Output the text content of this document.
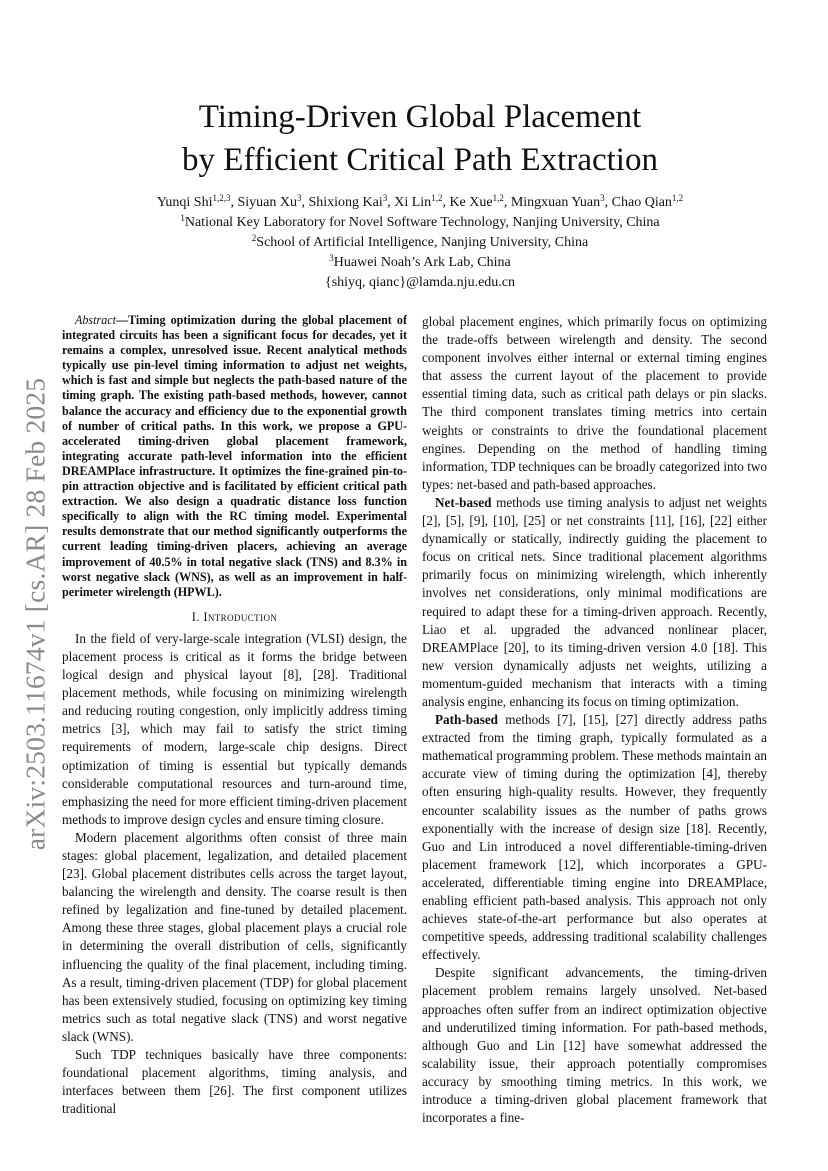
arXiv:2503.11674v1 [cs.AR] 28 Feb 2025
Timing-Driven Global Placement
by Efficient Critical Path Extraction
Yunqi Shi$^{1,2,3}$, Siyuan Xu$^3$, Shixiong Kai$^3$, Xi Lin$^{1,2}$, Ke Xue$^{1,2}$, Mingxuan Yuan$^3$, Chao Qian$^{1,2}$
$^1$National Key Laboratory for Novel Software Technology, Nanjing University, China
$^2$School of Artificial Intelligence, Nanjing University, China
$^3$Huawei Noah’s Ark Lab, China
{shiyq, qianc}@lamda.nju.edu.cn

Abstract—Timing optimization during the global placement of integrated circuits has been a significant focus for decades, yet it remains a complex, unresolved issue. Recent analytical methods typically use pin-level timing information to adjust net weights, which is fast and simple but neglects the path-based nature of the timing graph. The existing path-based methods, however, cannot balance the accuracy and efficiency due to the exponential growth of number of critical paths. In this work, we propose a GPU-accelerated timing-driven global placement framework, integrating accurate path-level information into the efficient DREAMPlace infrastructure. It optimizes the fine-grained pin-to-pin attraction objective and is facilitated by efficient critical path extraction. We also design a quadratic distance loss function specifically to align with the RC timing model. Experimental results demonstrate that our method significantly outperforms the current leading timing-driven placers, achieving an average improvement of 40.5% in total negative slack (TNS) and 8.3% in worst negative slack (WNS), as well as an improvement in half-perimeter wirelength (HPWL).

I. Introduction

In the field of very-large-scale integration (VLSI) design, the placement process is critical as it forms the bridge between logical design and physical layout [8], [28]. Traditional placement methods, while focusing on minimizing wirelength and reducing routing congestion, only implicitly address timing metrics [3], which may fail to satisfy the strict timing requirements of modern, large-scale chip designs. Direct optimization of timing is essential but typically demands considerable computational resources and turn-around time, emphasizing the need for more efficient timing-driven placement methods to improve design cycles and ensure timing closure.

Modern placement algorithms often consist of three main stages: global placement, legalization, and detailed placement [23]. Global placement distributes cells across the target layout, balancing the wirelength and density. The coarse result is then refined by legalization and fine-tuned by detailed placement. Among these three stages, global placement plays a crucial role in determining the overall distribution of cells, significantly influencing the quality of the final placement, including timing. As a result, timing-driven placement (TDP) for global placement has been extensively studied, focusing on optimizing key timing metrics such as total negative slack (TNS) and worst negative slack (WNS).

Such TDP techniques basically have three components: foundational placement algorithms, timing analysis, and interfaces between them [26]. The first component utilizes traditional

global placement engines, which primarily focus on optimizing the trade-offs between wirelength and density. The second component involves either internal or external timing engines that assess the current layout of the placement to provide essential timing data, such as critical path delays or pin slacks. The third component translates timing metrics into certain weights or constraints to drive the foundational placement engines. Depending on the method of handling timing information, TDP techniques can be broadly categorized into two types: net-based and path-based approaches.

Net-based methods use timing analysis to adjust net weights [2], [5], [9], [10], [25] or net constraints [11], [16], [22] either dynamically or statically, indirectly guiding the placement to focus on critical nets. Since traditional placement algorithms primarily focus on minimizing wirelength, which inherently involves net considerations, only minimal modifications are required to adapt these for a timing-driven approach. Recently, Liao et al. upgraded the advanced nonlinear placer, DREAMPlace [20], to its timing-driven version 4.0 [18]. This new version dynamically adjusts net weights, utilizing a momentum-guided mechanism that interacts with a timing analysis engine, enhancing its focus on timing optimization.

Path-based methods [7], [15], [27] directly address paths extracted from the timing graph, typically formulated as a mathematical programming problem. These methods maintain an accurate view of timing during the optimization [4], thereby often ensuring high-quality results. However, they frequently encounter scalability issues as the number of paths grows exponentially with the increase of design size [18]. Recently, Guo and Lin introduced a novel differentiable-timing-driven placement framework [12], which incorporates a GPU-accelerated, differentiable timing engine into DREAMPlace, enabling efficient path-based analysis. This approach not only achieves state-of-the-art performance but also operates at competitive speeds, addressing traditional scalability challenges effectively.

Despite significant advancements, the timing-driven placement problem remains largely unsolved. Net-based approaches often suffer from an indirect optimization objective and underutilized timing information. For path-based methods, although Guo and Lin [12] have somewhat addressed the scalability issue, their approach potentially compromises accuracy by smoothing timing metrics. In this work, we introduce a timing-driven global placement framework that incorporates a fine-
